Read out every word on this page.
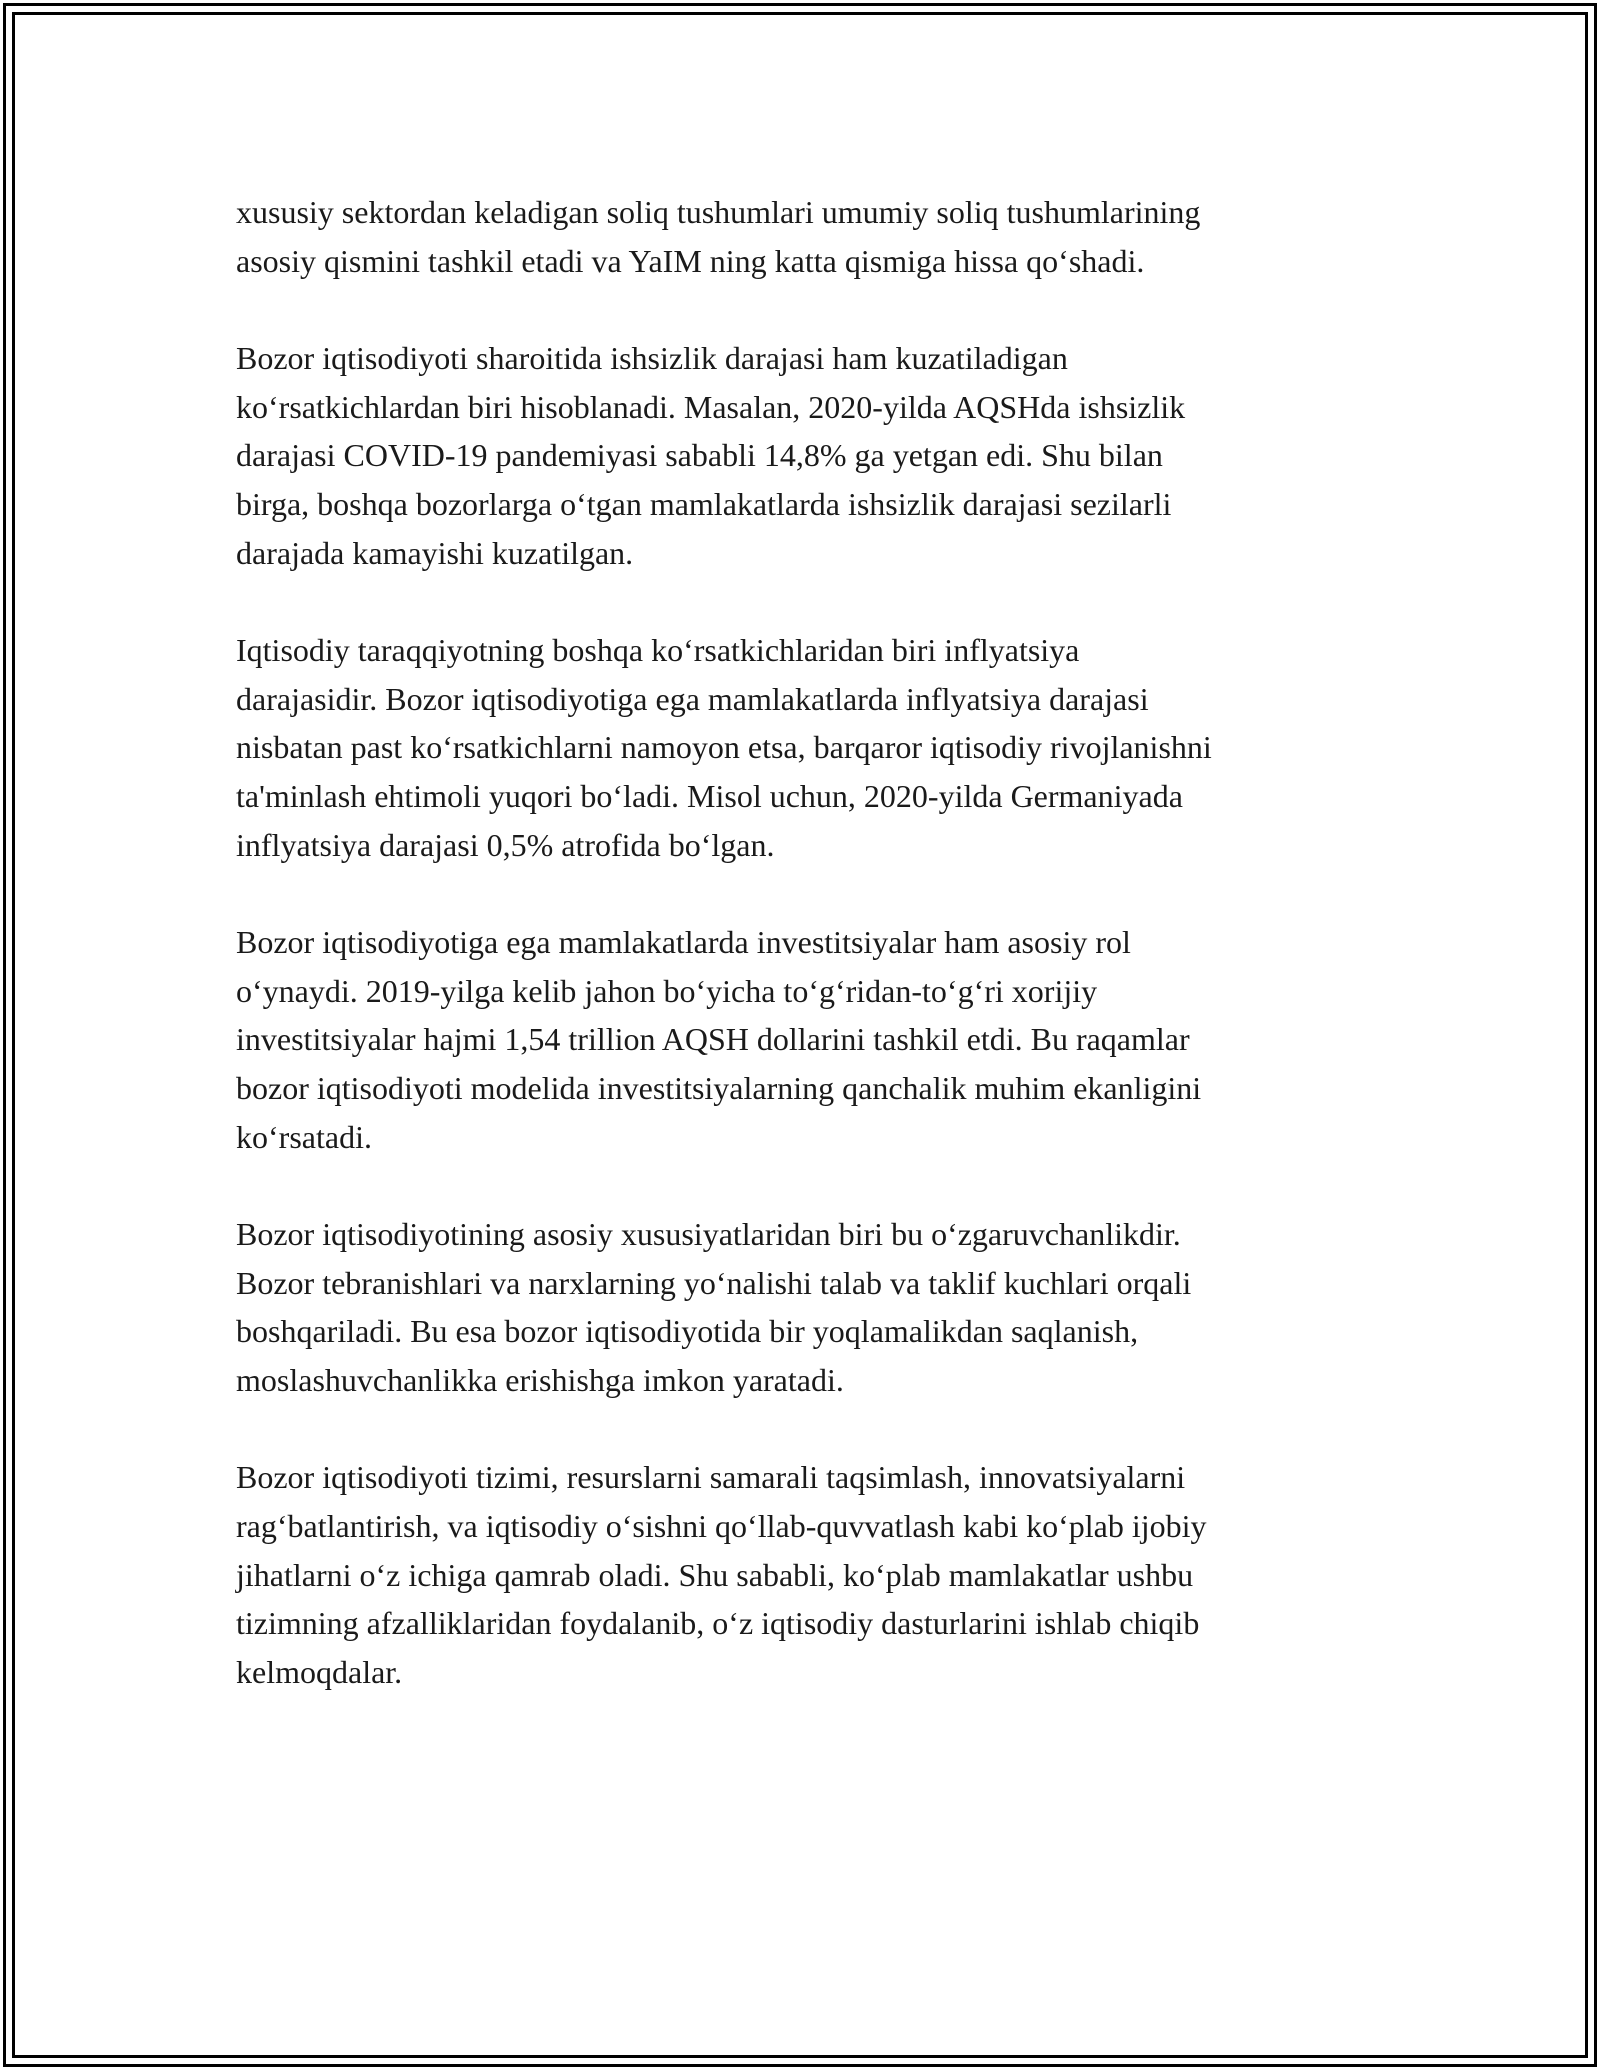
xususiy sektordan keladigan soliq tushumlari umumiy soliq tushumlarining
asosiy qismini tashkil etadi va YaIM ning katta qismiga hissa qo‘shadi.

Bozor iqtisodiyoti sharoitida ishsizlik darajasi ham kuzatiladigan
ko‘rsatkichlardan biri hisoblanadi. Masalan, 2020-yilda AQSHda ishsizlik
darajasi COVID-19 pandemiyasi sababli 14,8% ga yetgan edi. Shu bilan
birga, boshqa bozorlarga o‘tgan mamlakatlarda ishsizlik darajasi sezilarli
darajada kamayishi kuzatilgan.

Iqtisodiy taraqqiyotning boshqa ko‘rsatkichlaridan biri inflyatsiya
darajasidir. Bozor iqtisodiyotiga ega mamlakatlarda inflyatsiya darajasi
nisbatan past ko‘rsatkichlarni namoyon etsa, barqaror iqtisodiy rivojlanishni
ta'minlash ehtimoli yuqori bo‘ladi. Misol uchun, 2020-yilda Germaniyada
inflyatsiya darajasi 0,5% atrofida bo‘lgan.

Bozor iqtisodiyotiga ega mamlakatlarda investitsiyalar ham asosiy rol
o‘ynaydi. 2019-yilga kelib jahon bo‘yicha to‘g‘ridan-to‘g‘ri xorijiy
investitsiyalar hajmi 1,54 trillion AQSH dollarini tashkil etdi. Bu raqamlar
bozor iqtisodiyoti modelida investitsiyalarning qanchalik muhim ekanligini
ko‘rsatadi.

Bozor iqtisodiyotining asosiy xususiyatlaridan biri bu o‘zgaruvchanlikdir.
Bozor tebranishlari va narxlarning yo‘nalishi talab va taklif kuchlari orqali
boshqariladi. Bu esa bozor iqtisodiyotida bir yoqlamalikdan saqlanish,
moslashuvchanlikka erishishga imkon yaratadi.

Bozor iqtisodiyoti tizimi, resurslarni samarali taqsimlash, innovatsiyalarni
rag‘batlantirish, va iqtisodiy o‘sishni qo‘llab-quvvatlash kabi ko‘plab ijobiy
jihatlarni o‘z ichiga qamrab oladi. Shu sababli, ko‘plab mamlakatlar ushbu
tizimning afzalliklaridan foydalanib, o‘z iqtisodiy dasturlarini ishlab chiqib
kelmoqdalar.
